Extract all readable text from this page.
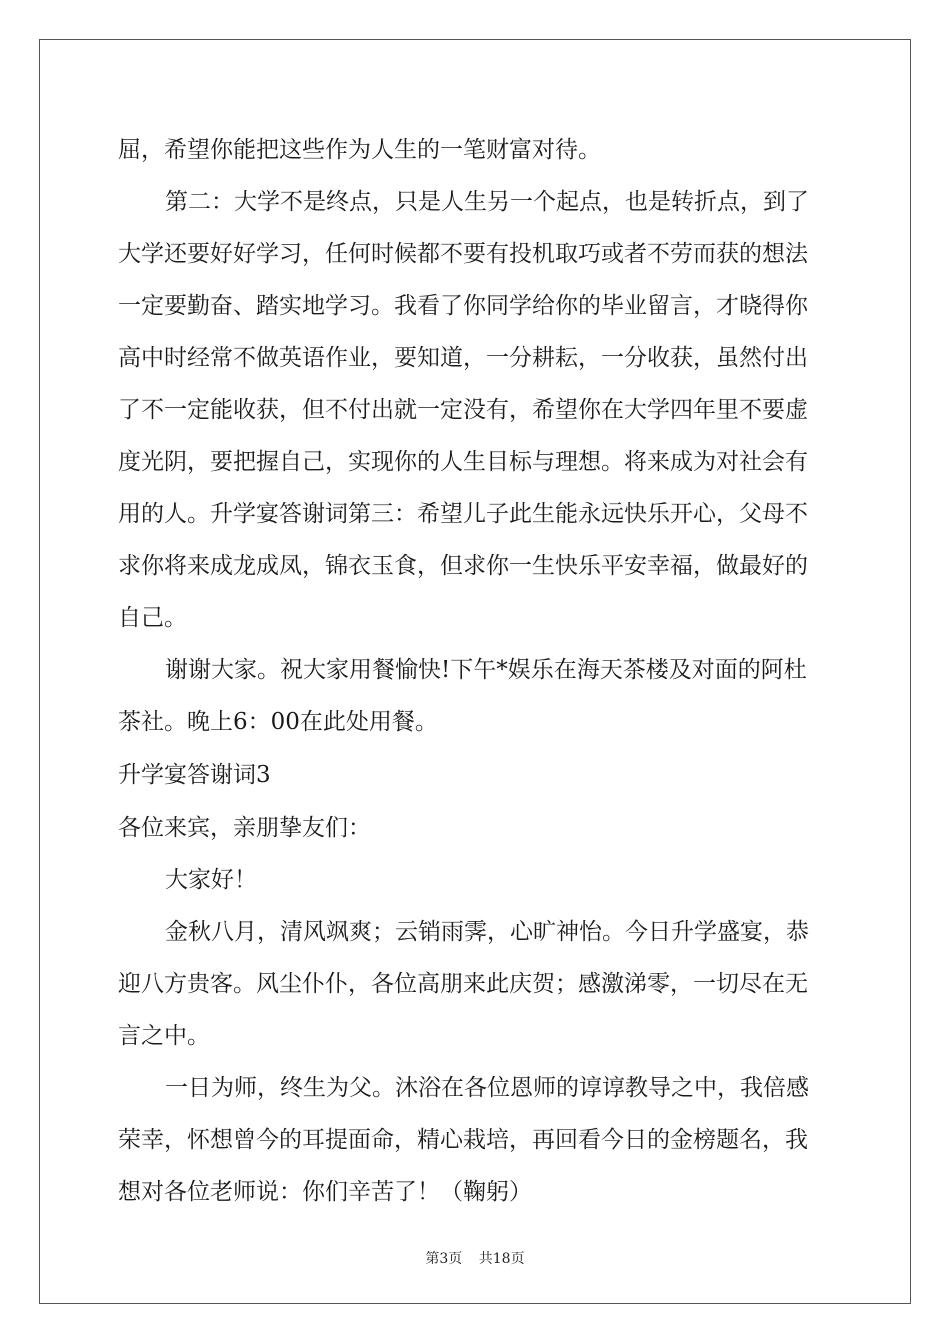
屈，希望你能把这些作为人生的一笔财富对待。
第二：大学不是终点，只是人生另一个起点，也是转折点，到了
大学还要好好学习，任何时候都不要有投机取巧或者不劳而获的想法
一定要勤奋、踏实地学习。我看了你同学给你的毕业留言，才晓得你
高中时经常不做英语作业，要知道，一分耕耘，一分收获，虽然付出
了不一定能收获，但不付出就一定没有，希望你在大学四年里不要虚
度光阴，要把握自己，实现你的人生目标与理想。将来成为对社会有
用的人。升学宴答谢词第三：希望儿子此生能永远快乐开心，父母不
求你将来成龙成凤，锦衣玉食，但求你一生快乐平安幸福，做最好的
自己。
谢谢大家。祝大家用餐愉快!下午*娱乐在海天茶楼及对面的阿杜
茶社。晚上6：00在此处用餐。
升学宴答谢词3
各位来宾，亲朋挚友们：
大家好！
金秋八月，清风飒爽；云销雨霁，心旷神怡。今日升学盛宴，恭
迎八方贵客。风尘仆仆，各位高朋来此庆贺；感激涕零，一切尽在无
言之中。
一日为师，终生为父。沐浴在各位恩师的谆谆教导之中，我倍感
荣幸，怀想曾今的耳提面命，精心栽培，再回看今日的金榜题名，我
想对各位老师说：你们辛苦了！（鞠躬）
第3页 共18页
